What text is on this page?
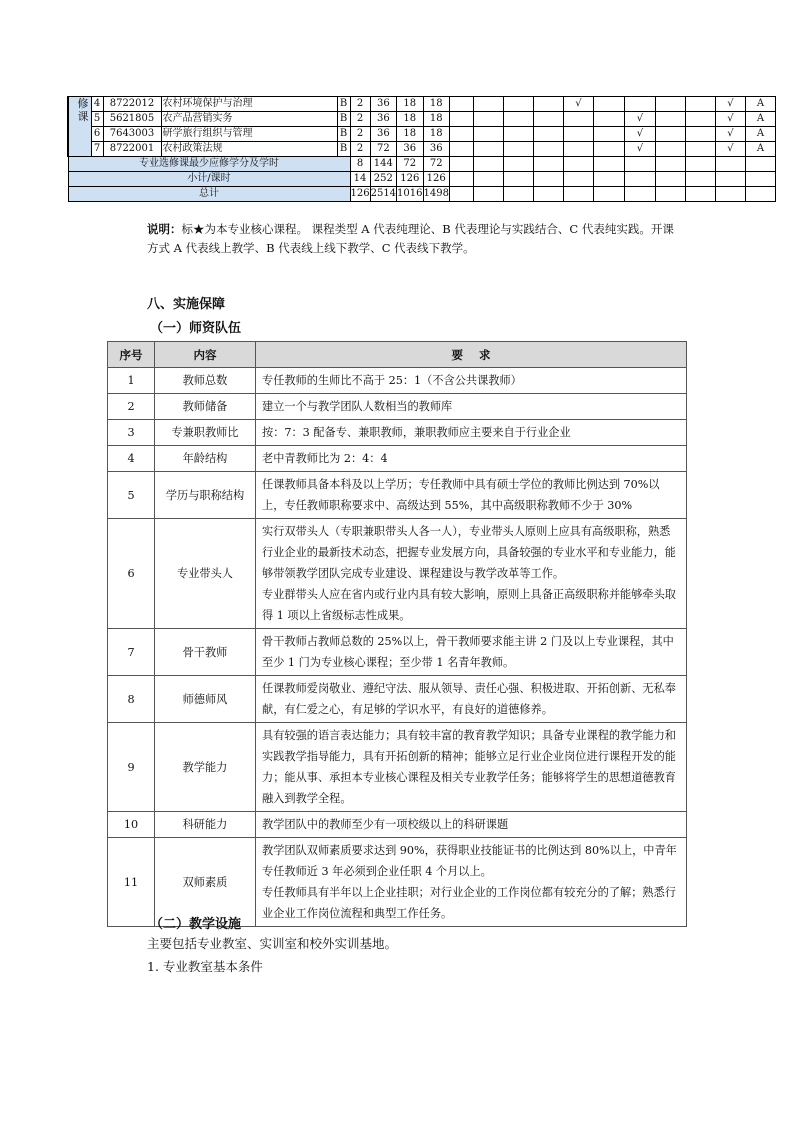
修
课	4	8722012	农村环境保护与治理	B	2	36	18	18					√					√	A
	5	5621805	农产品营销实务	B	2	36	18	18							√			√	A
	6	7643003	研学旅行组织与管理	B	2	36	18	18							√			√	A
	7	8722001	农村政策法规	B	2	72	36	36							√			√	A
专业选修课最少应修学分及学时					8	144	72	72											
小计/课时					14	252	126	126											
总计					126	2514	1016	1498											
说明：标★为本专业核心课程。 课程类型 A 代表纯理论、B 代表理论与实践结合、C 代表纯实践。开课
方式 A 代表线上教学、B 代表线上线下教学、C 代表线下教学。
八、实施保障
（一）师资队伍
序号	内容	要    求
1	教师总数	专任教师的生师比不高于 25：1（不含公共课教师）

2	教师储备	建立一个与教学团队人数相当的教师库

3	专兼职教师比	按：7：3 配备专、兼职教师，兼职教师应主要来自于行业企业

4	年龄结构	老中青教师比为 2：4：4

5	学历与职称结构	任课教师具备本科及以上学历；专任教师中具有硕士学位的教师比例达到 70%以上，专任教师职称要求中、高级达到 55%，其中高级职称教师不少于 30%

6	专业带头人	实行双带头人（专职兼职带头人各一人），专业带头人原则上应具有高级职称，熟悉行业企业的最新技术动态，把握专业发展方向，具备较强的专业水平和专业能力，能够带领教学团队完成专业建设、课程建设与教学改革等工作。
专业群带头人应在省内或行业内具有较大影响，原则上具备正高级职称并能够牵头取得 1 项以上省级标志性成果。

7	骨干教师	骨干教师占教师总数的 25%以上，骨干教师要求能主讲 2 门及以上专业课程，其中至少 1 门为专业核心课程；至少带 1 名青年教师。

8	师德师风	任课教师爱岗敬业、遵纪守法、服从领导、责任心强、积极进取、开拓创新、无私奉献，有仁爱之心，有足够的学识水平，有良好的道德修养。

9	教学能力	具有较强的语言表达能力；具有较丰富的教育教学知识；具备专业课程的教学能力和实践教学指导能力，具有开拓创新的精神；能够立足行业企业岗位进行课程开发的能力；能从事、承担本专业核心课程及相关专业教学任务；能够将学生的思想道德教育融入到教学全程。

10	科研能力	教学团队中的教师至少有一项校级以上的科研课题

11	双师素质	教学团队双师素质要求达到 90%，获得职业技能证书的比例达到 80%以上，中青年专任教师近 3 年必须到企业任职 4 个月以上。
专任教师具有半年以上企业挂职；对行业企业的工作岗位都有较充分的了解；熟悉行业企业工作岗位流程和典型工作任务。
（二）教学设施
主要包括专业教室、实训室和校外实训基地。
1. 专业教室基本条件
